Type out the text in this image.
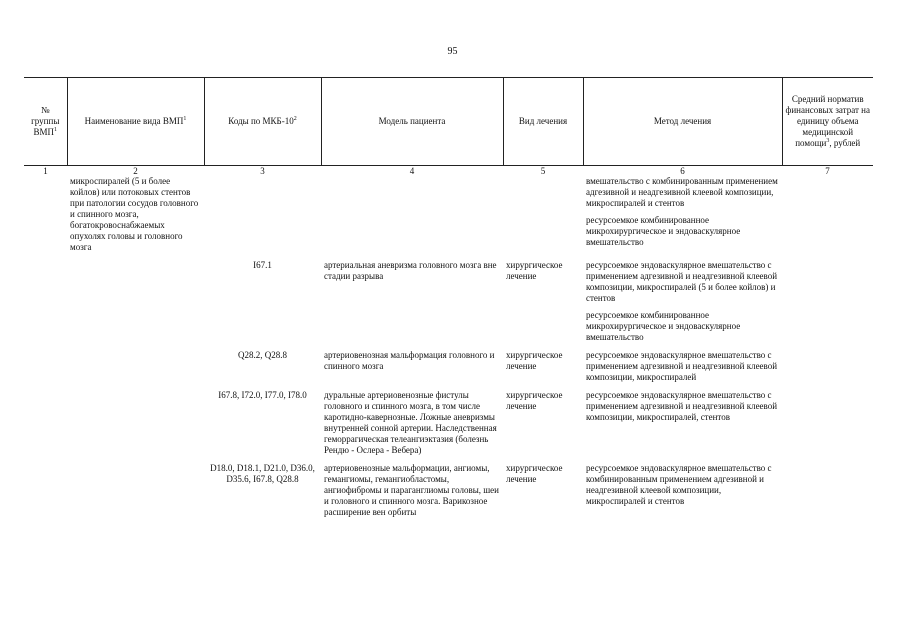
95
№ группы ВМП$^1$	Наименование вида ВМП$^1$	Коды по МКБ-$10^2$	Модель пациента	Вид лечения	Метод лечения	Средний норматив финансовых затрат на единицу объема медицинской помощи$^3$, рублей
1	2	3	4	5	6	7
	микроспиралей (5 и более койлов) или потоковых стентов при патологии сосудов головного и спинного мозга, богатокровоснабжаемых опухолях головы и головного мозга				вмешательство с комбинированным применением адгезивной и неадгезивной клеевой композиции, микроспиралей и стентов
ресурсоемкое комбинированное микрохирургическое и эндоваскулярное вмешательство	

		I67.1	артериальная аневризма головного мозга вне стадии разрыва	хирургическое лечение	ресурсоемкое эндоваскулярное вмешательство с применением адгезивной и неадгезивной клеевой композиции, микроспиралей (5 и более койлов) и стентов
ресурсоемкое комбинированное микрохирургическое и эндоваскулярное вмешательство	

		Q28.2, Q28.8	артериовенозная мальформация головного и спинного мозга	хирургическое лечение	ресурсоемкое эндоваскулярное вмешательство с применением адгезивной и неадгезивной клеевой композиции, микроспиралей	

		I67.8, I72.0, I77.0, I78.0	дуральные артериовенозные фистулы головного и спинного мозга, в том числе каротидно-кавернозные. Ложные аневризмы внутренней сонной артерии. Наследственная геморрагическая телеангиэктазия (болезнь Рендю - Ослера - Вебера)	хирургическое лечение	ресурсоемкое эндоваскулярное вмешательство с применением адгезивной и неадгезивной клеевой композиции, микроспиралей, стентов	

		D18.0, D18.1, D21.0, D36.0, D35.6, I67.8, Q28.8	артериовенозные мальформации, ангиомы, гемангиомы, гемангиобластомы, ангиофибромы и параганглиомы головы, шеи и головного и спинного мозга. Варикозное расширение вен орбиты	хирургическое лечение	ресурсоемкое эндоваскулярное вмешательство с комбинированным применением адгезивной и неадгезивной клеевой композиции, микроспиралей и стентов	
